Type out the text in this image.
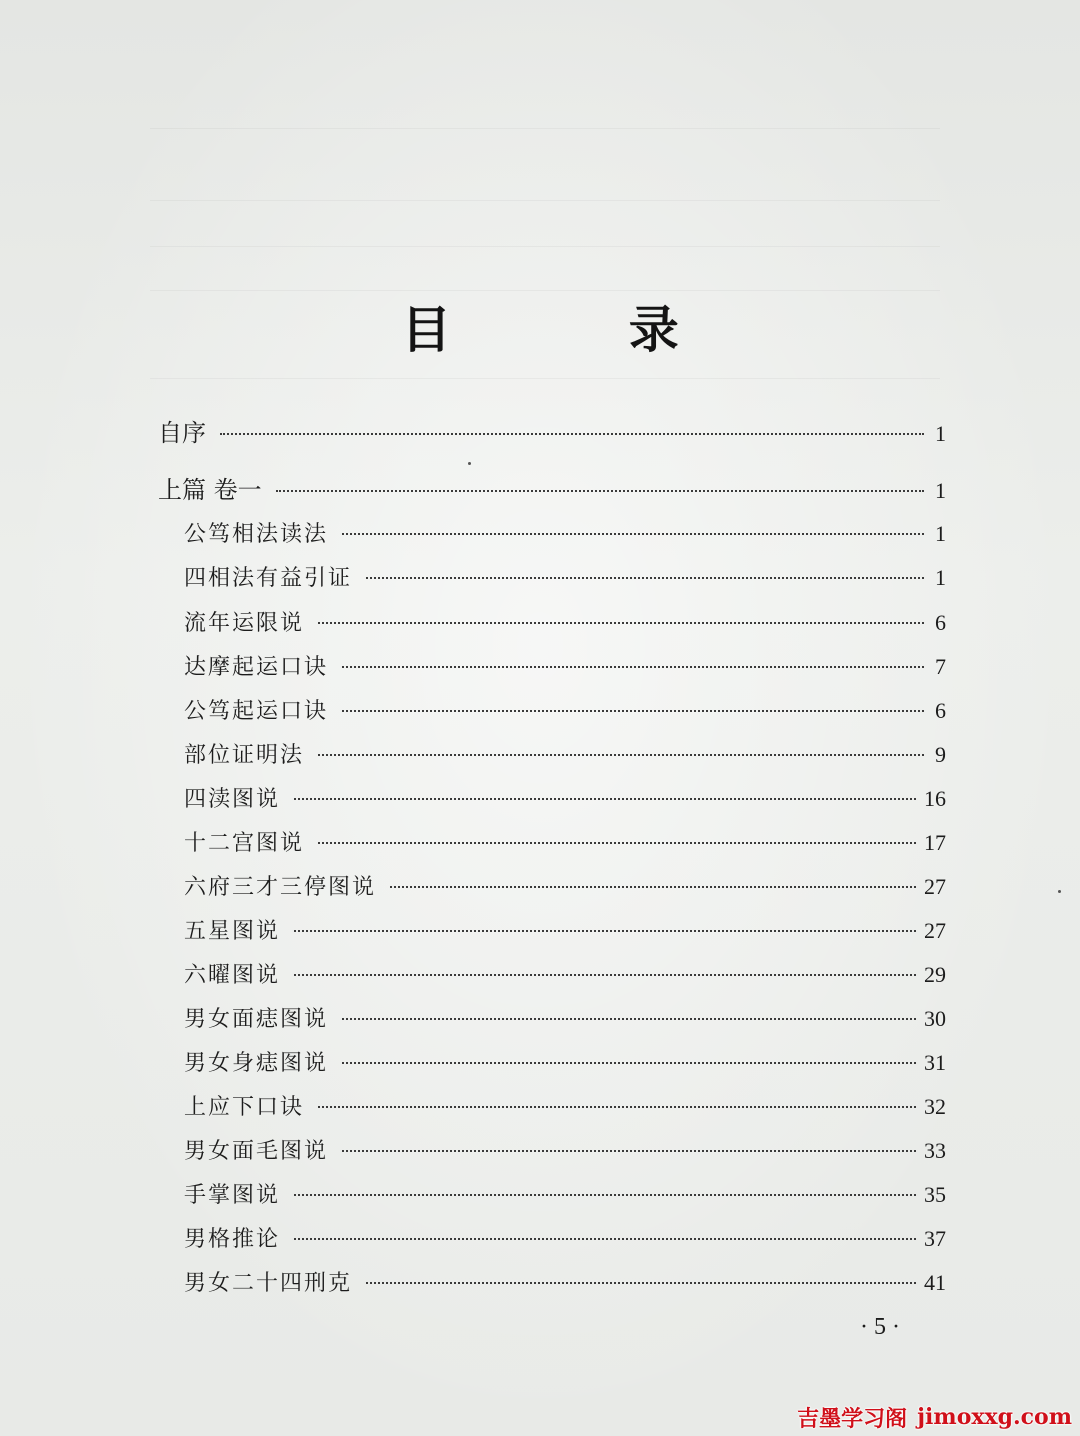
目 录
自序	1
上篇 卷一	1
公笃相法读法	1
四相法有益引证	1
流年运限说	6
达摩起运口诀	7
公笃起运口诀	6
部位证明法	9
四渎图说	16
十二宫图说	17
六府三才三停图说	27
五星图说	27
六曜图说	29
男女面痣图说	30
男女身痣图说	31
上应下口诀	32
男女面毛图说	33
手掌图说	35
男格推论	37
男女二十四刑克	41
· 5 ·
吉墨学习阁 jimoxxg.com
